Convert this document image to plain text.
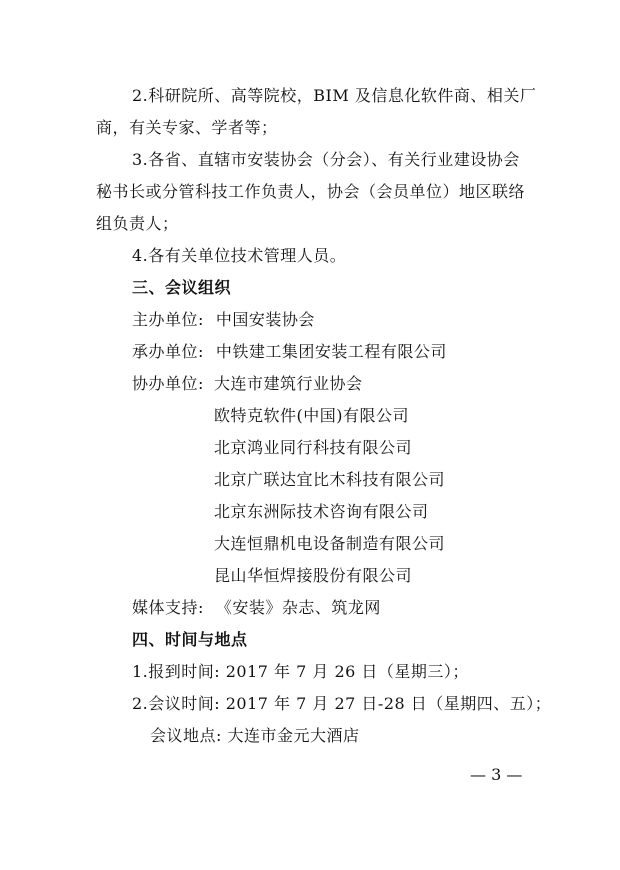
2.科研院所、高等院校，BIM 及信息化软件商、相关厂
商，有关专家、学者等；
3.各省、直辖市安装协会（分会）、有关行业建设协会
秘书长或分管科技工作负责人，协会（会员单位）地区联络
组负责人；
4.各有关单位技术管理人员。
三、会议组织
主办单位: 中国安装协会
承办单位: 中铁建工集团安装工程有限公司
协办单位: 大连市建筑行业协会
欧特克软件(中国)有限公司
北京鸿业同行科技有限公司
北京广联达宜比木科技有限公司
北京东洲际技术咨询有限公司
大连恒鼎机电设备制造有限公司
昆山华恒焊接股份有限公司
媒体支持: 《安装》杂志、筑龙网
四、时间与地点
1.报到时间: 2017 年 7 月 26 日（星期三）；
2.会议时间: 2017 年 7 月 27 日-28 日（星期四、五）；
会议地点: 大连市金元大酒店
— 3 —
